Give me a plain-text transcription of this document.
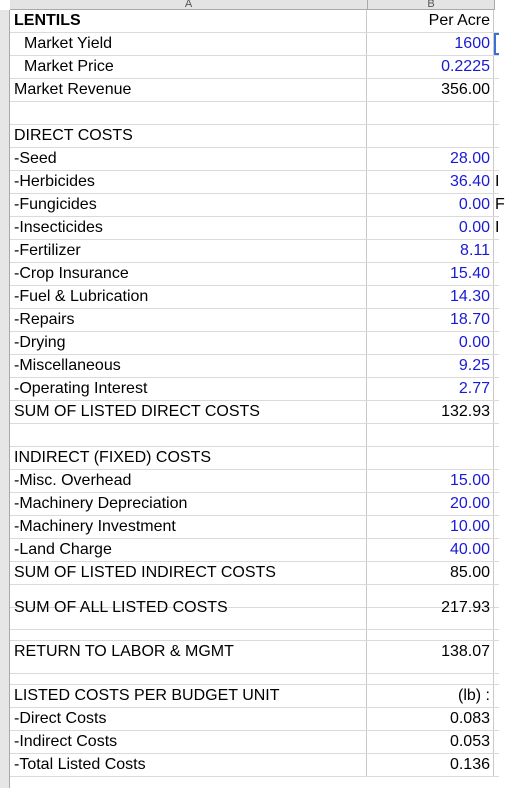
A	B
LENTILS	Per Acre
Market Yield	1600
Market Price	0.2225
Market Revenue	356.00
DIRECT COSTS
-Seed	28.00
-Herbicides	36.40 I
-Fungicides	0.00 F
-Insecticides	0.00 I
-Fertilizer	8.11
-Crop Insurance	15.40
-Fuel & Lubrication	14.30
-Repairs	18.70
-Drying	0.00
-Miscellaneous	9.25
-Operating Interest	2.77
SUM OF LISTED DIRECT COSTS	132.93
INDIRECT (FIXED) COSTS
-Misc. Overhead	15.00
-Machinery Depreciation	20.00
-Machinery Investment	10.00
-Land Charge	40.00
SUM OF LISTED INDIRECT COSTS	85.00
SUM OF ALL LISTED COSTS	217.93
RETURN TO LABOR & MGMT	138.07
LISTED COSTS PER BUDGET UNIT	(lb) :
-Direct Costs	0.083
-Indirect Costs	0.053
-Total Listed Costs	0.136
